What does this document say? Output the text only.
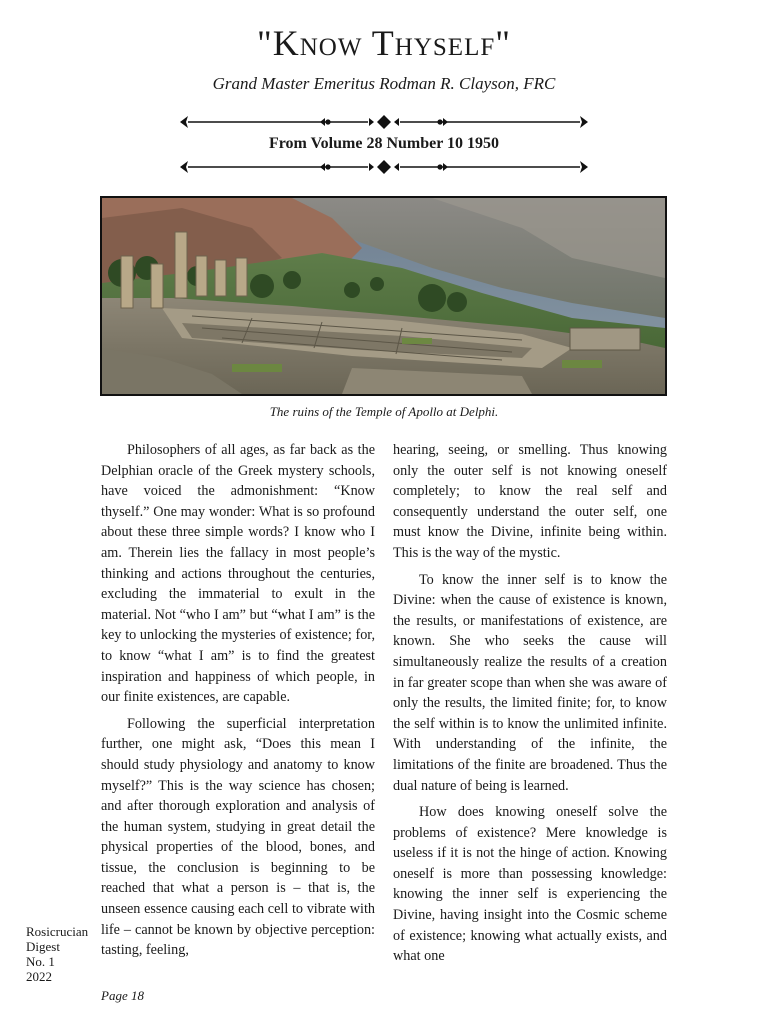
"Know Thyself"
Grand Master Emeritus Rodman R. Clayson, FRC
From Volume 28 Number 10 1950
The ruins of the Temple of Apollo at Delphi.

Philosophers of all ages, as far back as the Delphian oracle of the Greek mystery schools, have voiced the admonishment: “Know thyself.” One may wonder: What is so profound about these three simple words? I know who I am. Therein lies the fallacy in most people’s thinking and actions throughout the centuries, excluding the immaterial to exult in the material. Not “who I am” but “what I am” is the key to unlocking the mysteries of existence; for, to know “what I am” is to find the greatest inspiration and happiness of which people, in our finite existences, are capable.

Following the superficial interpretation further, one might ask, “Does this mean I should study physiology and anatomy to know myself?” This is the way science has chosen; and after thorough exploration and analysis of the human system, studying in great detail the physical properties of the blood, bones, and tissue, the conclusion is beginning to be reached that what a person is – that is, the unseen essence causing each cell to vibrate with life – cannot be known by objective perception: tasting, feeling,

hearing, seeing, or smelling. Thus knowing only the outer self is not knowing oneself completely; to know the real self and consequently understand the outer self, one must know the Divine, infinite being within. This is the way of the mystic.

To know the inner self is to know the Divine: when the cause of existence is known, the results, or manifestations of existence, are known. She who seeks the cause will simultaneously realize the results of a creation in far greater scope than when she was aware of only the results, the limited finite; for, to know the self within is to know the unlimited infinite. With understanding of the infinite, the limitations of the finite are broadened. Thus the dual nature of being is learned.

How does knowing oneself solve the problems of existence? Mere knowledge is useless if it is not the hinge of action. Knowing oneself is more than possessing knowledge: knowing the inner self is experiencing the Divine, having insight into the Cosmic scheme of existence; knowing what actually exists, and what one

Rosicrucian
Digest
No. 1
2022
Page 18
